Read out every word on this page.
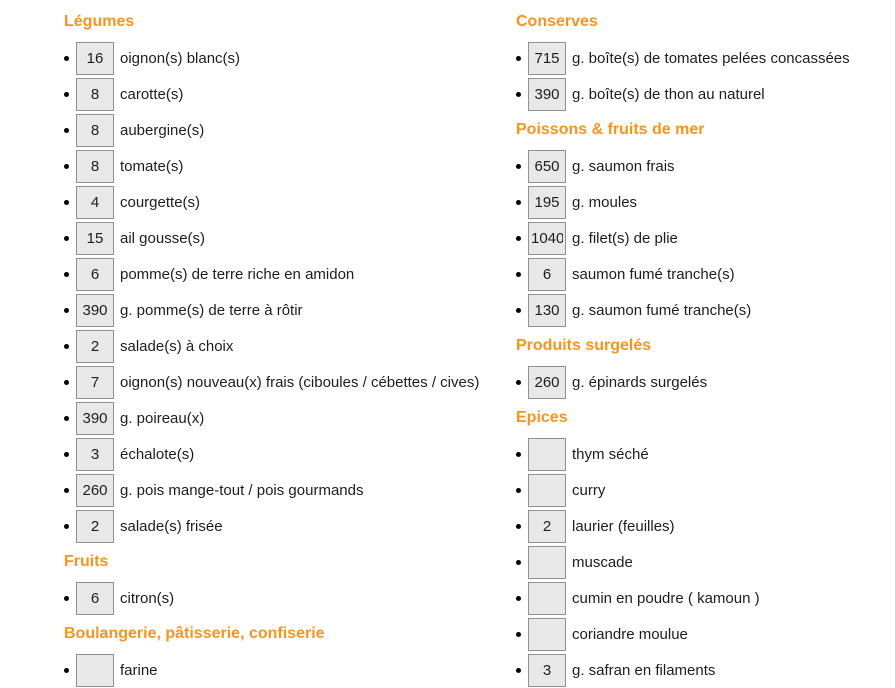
Légumes
16
oignon(s) blanc(s)
8
carotte(s)
8
aubergine(s)
8
tomate(s)
4
courgette(s)
15
ail gousse(s)
6
pomme(s) de terre riche en amidon
390
g. pomme(s) de terre à rôtir
2
salade(s) à choix
7
oignon(s) nouveau(x) frais (ciboules / cébettes / cives)
390
g. poireau(x)
3
échalote(s)
260
g. pois mange-tout / pois gourmands
2
salade(s) frisée
Fruits
6
citron(s)
Boulangerie, pâtisserie, confiserie
farine
Conserves
715
g. boîte(s) de tomates pelées concassées
390
g. boîte(s) de thon au naturel
Poissons & fruits de mer
650
g. saumon frais
195
g. moules
1040
g. filet(s) de plie
6
saumon fumé tranche(s)
130
g. saumon fumé tranche(s)
Produits surgelés
260
g. épinards surgelés
Epices
thym séché
curry
2
laurier (feuilles)
muscade
cumin en poudre ( kamoun )
coriandre moulue
3
g. safran en filaments
